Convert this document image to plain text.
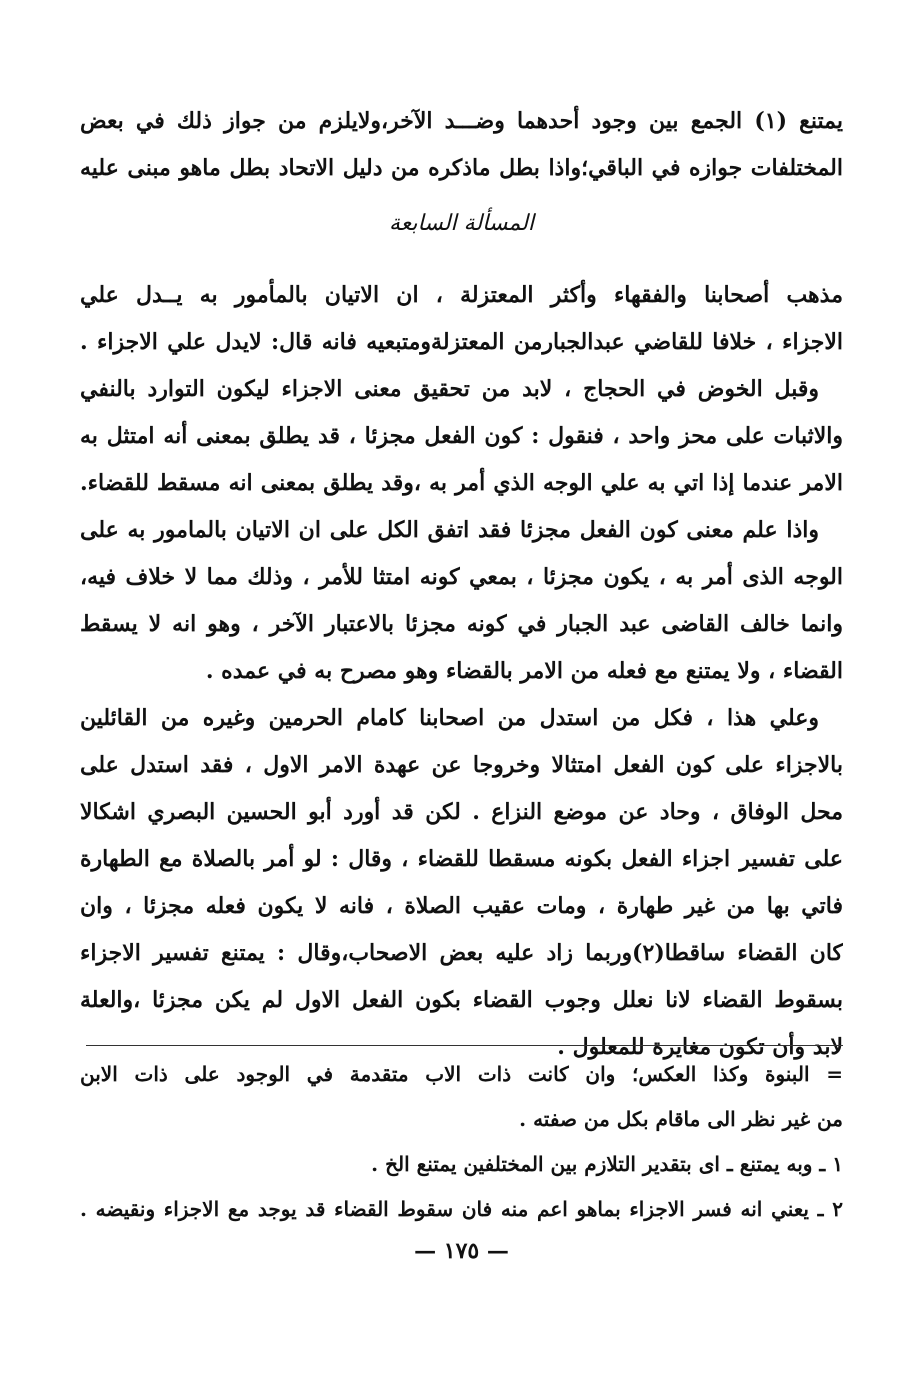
يمتنع (١) الجمع بين وجود أحدهما وضـــد الآخر،ولايلزم من جواز ذلك في بعض
المختلفات جوازه في الباقي؛واذا بطل ماذكره من دليل الاتحاد بطل ماهو مبنى عليه
المسألة السابعة
مذهب أصحابنا والفقهاء وأكثر المعتزلة ، ان الاتيان بالمأمور به يــدل علي
الاجزاء ، خلافا للقاضي عبدالجبارمن المعتزلةومتبعيه فانه قال: لايدل علي الاجزاء .
وقبل الخوض في الحجاج ، لابد من تحقيق معنى الاجزاء ليكون التوارد بالنفي
والاثبات على محز واحد ، فنقول : كون الفعل مجزئا ، قد يطلق بمعنى أنه امتثل به
الامر عندما إذا اتي به علي الوجه الذي أمر به ،وقد يطلق بمعنى انه مسقط للقضاء.
واذا علم معنى كون الفعل مجزئا فقد اتفق الكل على ان الاتيان بالمامور به على
الوجه الذى أمر به ، يكون مجزئا ، بمعي كونه امتثا للأمر ، وذلك مما لا خلاف فيه،
وانما خالف القاضى عبد الجبار في كونه مجزئا بالاعتبار الآخر ، وهو انه لا يسقط
القضاء ، ولا يمتنع مع فعله من الامر بالقضاء وهو مصرح به في عمده .
وعلي هذا ، فكل من استدل من اصحابنا كامام الحرمين وغيره من القائلين
بالاجزاء على كون الفعل امتثالا وخروجا عن عهدة الامر الاول ، فقد استدل على
محل الوفاق ، وحاد عن موضع النزاع . لكن قد أورد أبو الحسين البصري اشكالا
على تفسير اجزاء الفعل بكونه مسقطا للقضاء ، وقال : لو أمر بالصلاة مع الطهارة
فاتي بها من غير طهارة ، ومات عقيب الصلاة ، فانه لا يكون فعله مجزئا ، وان
كان القضاء ساقطا(٢)وربما زاد عليه بعض الاصحاب،وقال : يمتنع تفسير الاجزاء
بسقوط القضاء لانا نعلل وجوب القضاء بكون الفعل الاول لم يكن مجزئا ،والعلة
لابد وأن تكون مغايرة للمعلول .
= البنوة وكذا العكس؛ وان كانت ذات الاب متقدمة في الوجود على ذات الابن
من غير نظر الى ماقام بكل من صفته .
١ ـ وبه يمتنع ـ اى بتقدير التلازم بين المختلفين يمتنع الخ .
٢ ـ يعني انه فسر الاجزاء بماهو اعم منه فان سقوط القضاء قد يوجد مع الاجزاء ونقيضه .
— ١٧٥ —
